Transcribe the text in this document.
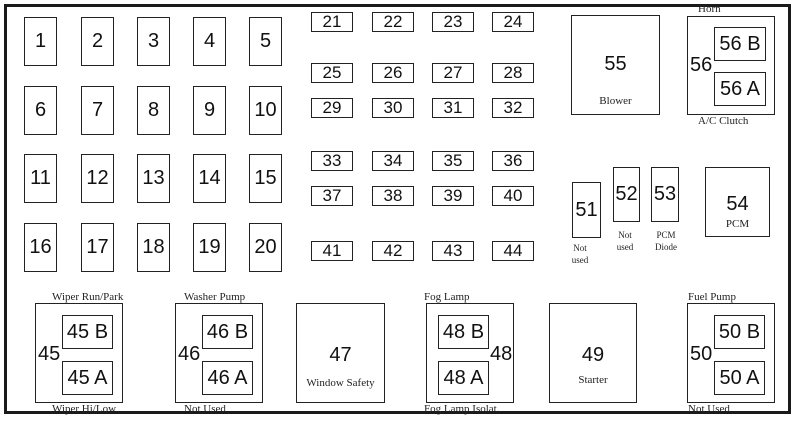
1	2	3	4	5
6	7	8	9	10
11	12 13 14 15
16 17 18 19 20
21	22	23	24
25	26	27	28
29	30	31	32
33	34	35	36
37	38	39	40
41	42	43	44
55
Blower
Horn
56
56 B
56 A
A/C Clutch
51
Not used
52
Not used
53
PCM Diode
54
PCM
Wiper Run/Park
45
45 B
45 A
Wiper Hi/Low
Washer Pump
46
46 B
46 A
Not Used
47
Window Safety
Fog Lamp
48 B
48 A
48
Fog Lamp Isolat.
49
Starter
Fuel Pump
50
50 B
50 A
Not Used
